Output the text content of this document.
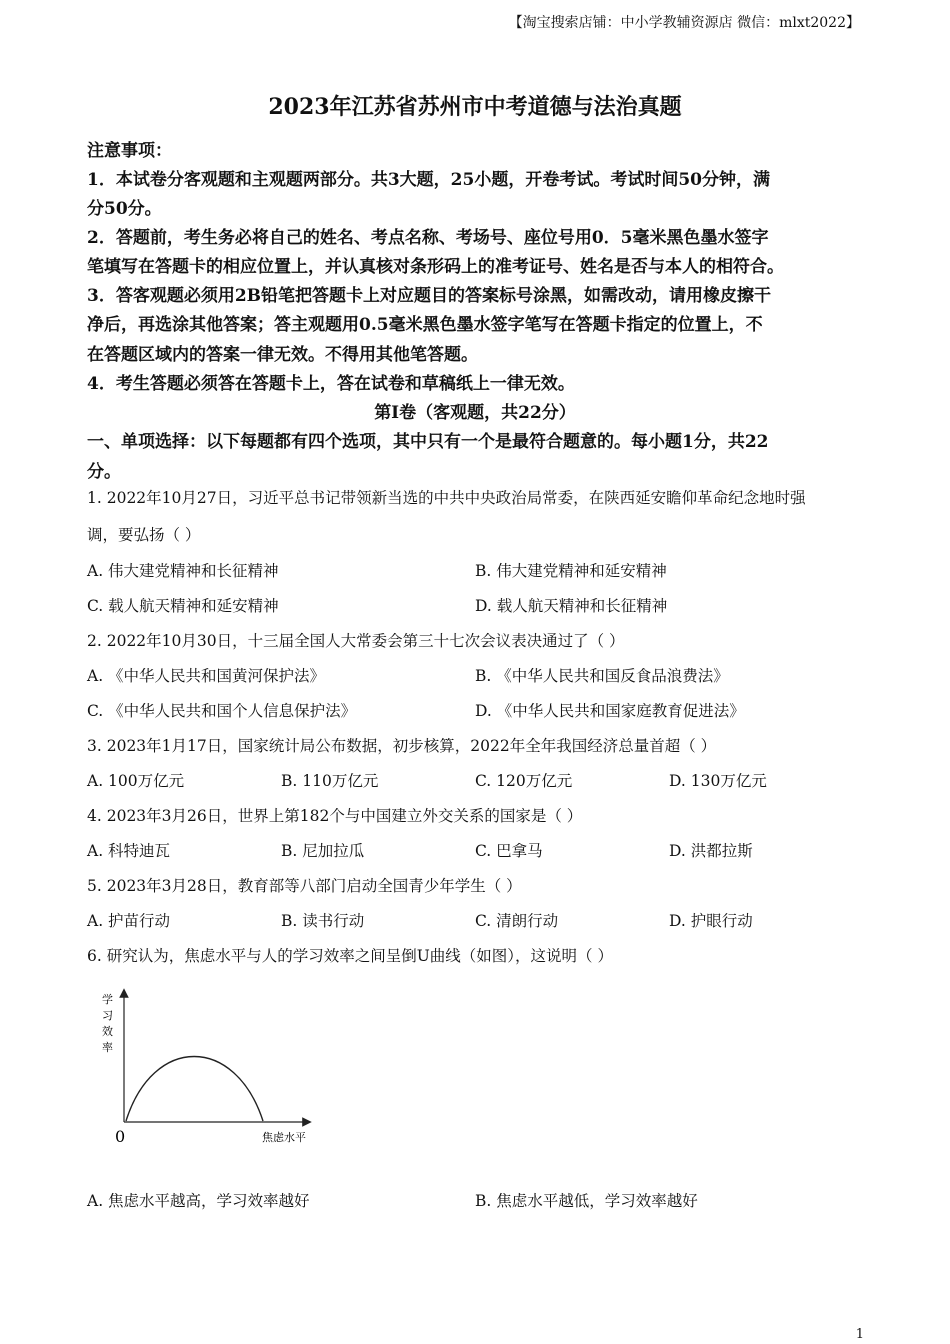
【淘宝搜索店铺：中小学教辅资源店 微信：mlxt2022】
2023年江苏省苏州市中考道德与法治真题
注意事项：
1．本试卷分客观题和主观题两部分。共3大题，25小题，开卷考试。考试时间50分钟，满
分50分。
2．答题前，考生务必将自己的姓名、考点名称、考场号、座位号用0．5毫米黑色墨水签字
笔填写在答题卡的相应位置上，并认真核对条形码上的准考证号、姓名是否与本人的相符合。
3．答客观题必须用2B铅笔把答题卡上对应题目的答案标号涂黑，如需改动，请用橡皮擦干
净后，再选涂其他答案；答主观题用0.5毫米黑色墨水签字笔写在答题卡指定的位置上，不
在答题区域内的答案一律无效。不得用其他笔答题。
4．考生答题必须答在答题卡上，答在试卷和草稿纸上一律无效。
第Ⅰ卷（客观题，共22分）
一、单项选择：以下每题都有四个选项，其中只有一个是最符合题意的。每小题1分，共22
分。
1. 2022年10月27日，习近平总书记带领新当选的中共中央政治局常委，在陕西延安瞻仰革命纪念地时强
调，要弘扬（ ）
A. 伟大建党精神和长征精神	B. 伟大建党精神和延安精神
C. 载人航天精神和延安精神	D. 载人航天精神和长征精神
2. 2022年10月30日，十三届全国人大常委会第三十七次会议表决通过了（ ）
A. 《中华人民共和国黄河保护法》	B. 《中华人民共和国反食品浪费法》
C. 《中华人民共和国个人信息保护法》	D. 《中华人民共和国家庭教育促进法》
3. 2023年1月17日，国家统计局公布数据，初步核算，2022年全年我国经济总量首超（ ）
A. 100万亿元	B. 110万亿元	C. 120万亿元	D. 130万亿元
4. 2023年3月26日，世界上第182个与中国建立外交关系的国家是（ ）
A. 科特迪瓦	B. 尼加拉瓜	C. 巴拿马	D. 洪都拉斯
5. 2023年3月28日，教育部等八部门启动全国青少年学生（ ）
A. 护苗行动	B. 读书行动	C. 清朗行动	D. 护眼行动
6. 研究认为，焦虑水平与人的学习效率之间呈倒U曲线（如图），这说明（ ）
学
习
效
率
0	焦虑水平
A. 焦虑水平越高，学习效率越好	B. 焦虑水平越低，学习效率越好
1
